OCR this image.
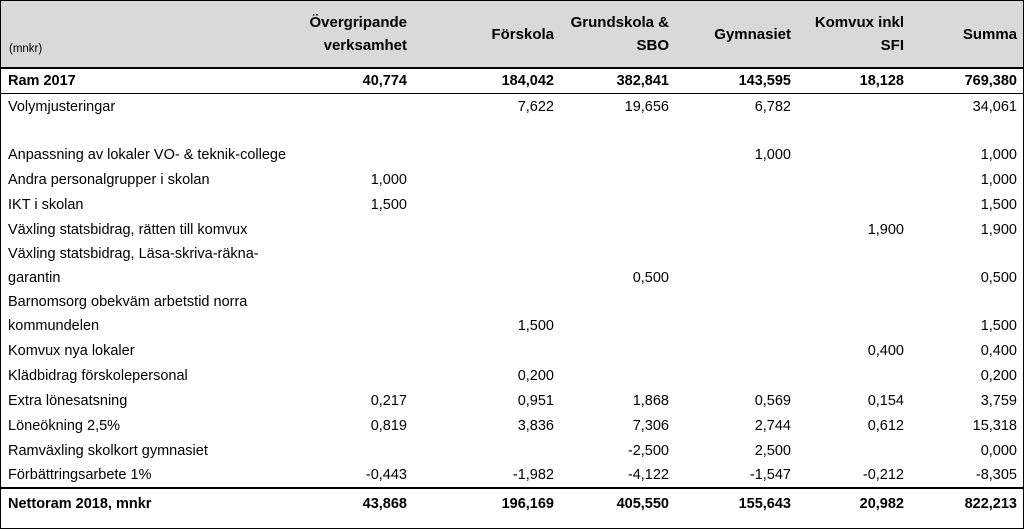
(mnkr)	Övergripande verksamhet	Förskola	Grundskola & SBO	Gymnasiet	Komvux inkl SFI	Summa
Ram 2017	40,774	184,042	382,841	143,595	18,128	769,380
Volymjusteringar		7,622	19,656	6,782		34,061
Anpassning av lokaler VO- & teknik-college				1,000		1,000
Andra personalgrupper i skolan	1,000					1,000
IKT i skolan	1,500					1,500
Växling statsbidrag, rätten till komvux					1,900	1,900
Växling statsbidrag, Läsa-skriva-räkna-garantin			0,500			0,500
Barnomsorg obekväm arbetstid norra kommundelen		1,500				1,500
Komvux nya lokaler					0,400	0,400
Klädbidrag förskolepersonal		0,200				0,200
Extra lönesatsning	0,217	0,951	1,868	0,569	0,154	3,759
Löneökning 2,5%	0,819	3,836	7,306	2,744	0,612	15,318
Ramväxling skolkort gymnasiet			-2,500	2,500		0,000
Förbättringsarbete 1%	-0,443	-1,982	-4,122	-1,547	-0,212	-8,305
Nettoram 2018, mnkr	43,868	196,169	405,550	155,643	20,982	822,213
